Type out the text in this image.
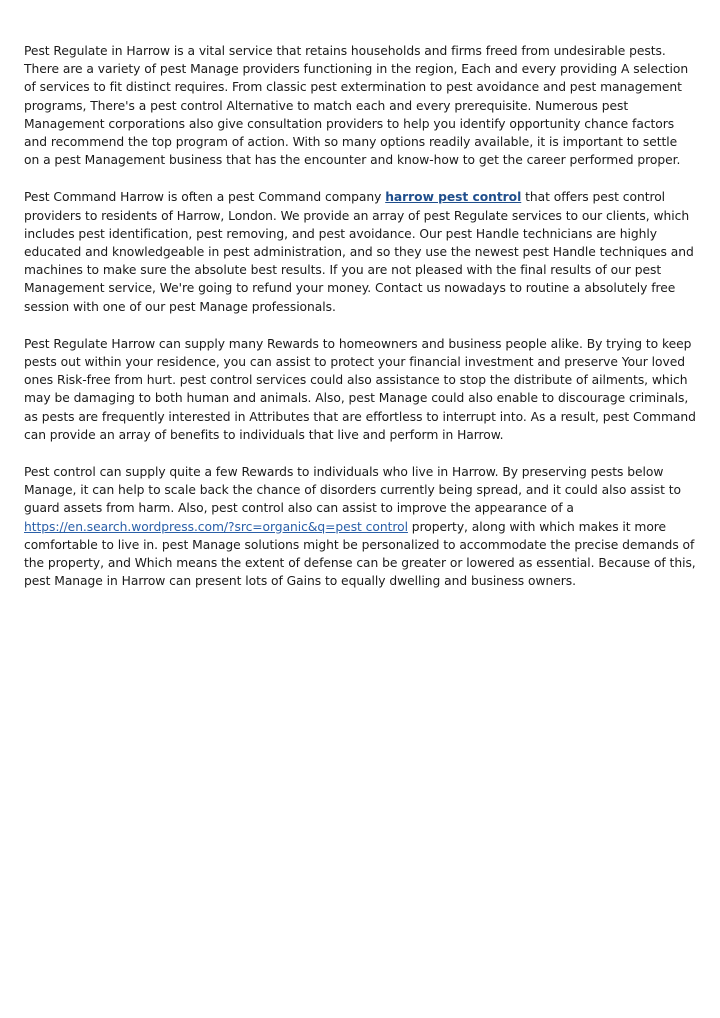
Pest Regulate in Harrow is a vital service that retains households and firms freed from undesirable pests. There are a variety of pest Manage providers functioning in the region, Each and every providing A selection of services to fit distinct requires. From classic pest extermination to pest avoidance and pest management programs, There's a pest control Alternative to match each and every prerequisite. Numerous pest Management corporations also give consultation providers to help you identify opportunity chance factors and recommend the top program of action. With so many options readily available, it is important to settle on a pest Management business that has the encounter and know-how to get the career performed proper.

Pest Command Harrow is often a pest Command company harrow pest control that offers pest control providers to residents of Harrow, London. We provide an array of pest Regulate services to our clients, which includes pest identification, pest removing, and pest avoidance. Our pest Handle technicians are highly educated and knowledgeable in pest administration, and so they use the newest pest Handle techniques and machines to make sure the absolute best results. If you are not pleased with the final results of our pest Management service, We're going to refund your money. Contact us nowadays to routine a absolutely free session with one of our pest Manage professionals.

Pest Regulate Harrow can supply many Rewards to homeowners and business people alike. By trying to keep pests out within your residence, you can assist to protect your financial investment and preserve Your loved ones Risk-free from hurt. pest control services could also assistance to stop the distribute of ailments, which may be damaging to both human and animals. Also, pest Manage could also enable to discourage criminals, as pests are frequently interested in Attributes that are effortless to interrupt into. As a result, pest Command can provide an array of benefits to individuals that live and perform in Harrow.

Pest control can supply quite a few Rewards to individuals who live in Harrow. By preserving pests below Manage, it can help to scale back the chance of disorders currently being spread, and it could also assist to guard assets from harm. Also, pest control also can assist to improve the appearance of a https://en.search.wordpress.com/?src=organic&q=pest control property, along with which makes it more comfortable to live in. pest Manage solutions might be personalized to accommodate the precise demands of the property, and Which means the extent of defense can be greater or lowered as essential. Because of this, pest Manage in Harrow can present lots of Gains to equally dwelling and business owners.
